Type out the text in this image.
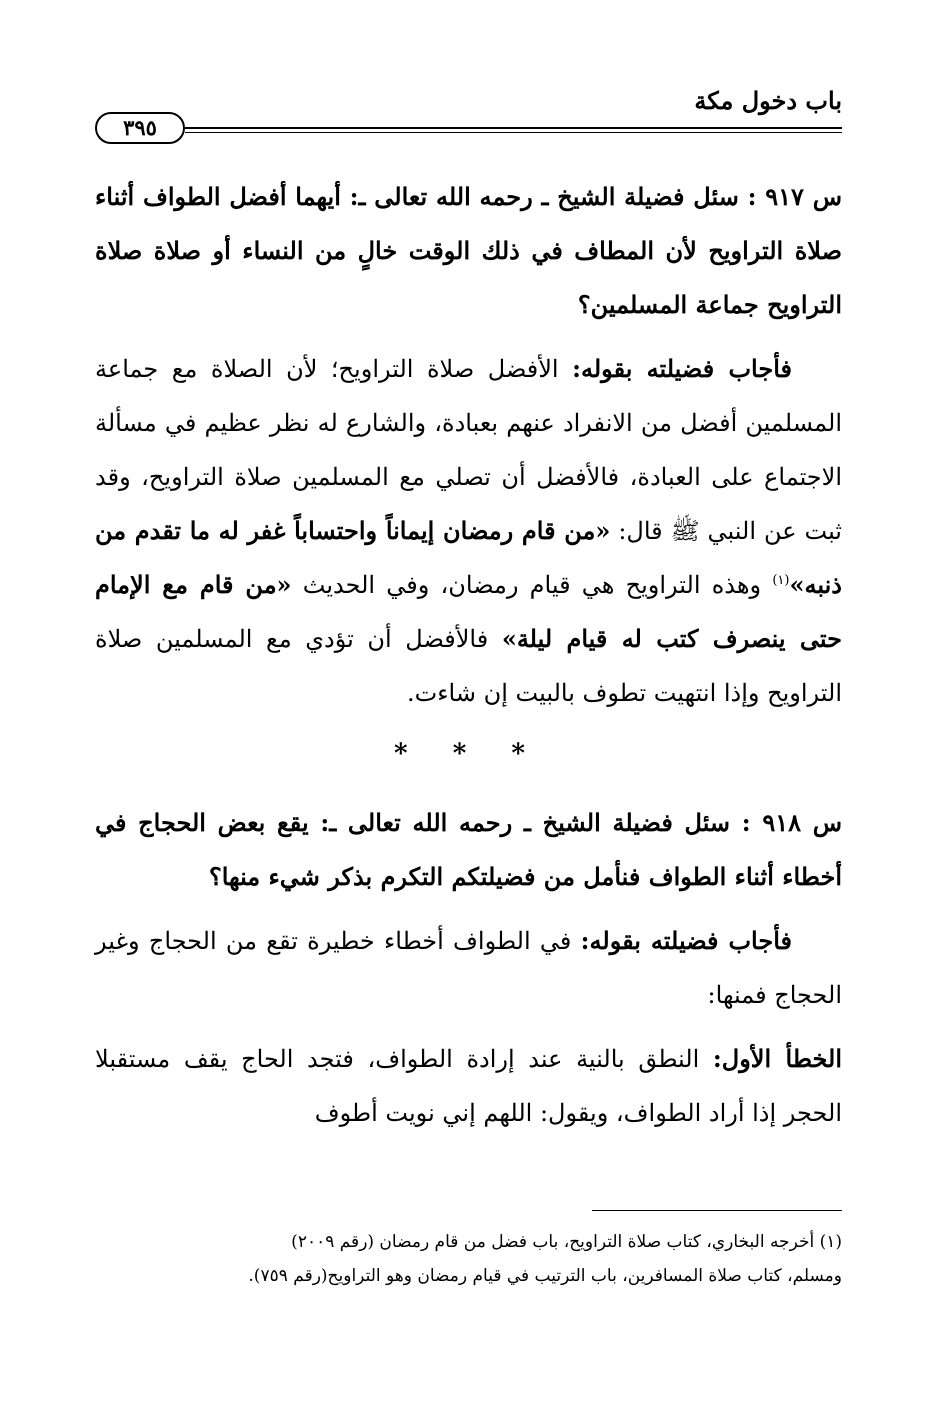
باب دخول مكة
٣٩٥

س ٩١٧ : سئل فضيلة الشيخ ـ رحمه الله تعالى ـ: أيهما أفضل الطواف أثناء صلاة التراويح لأن المطاف في ذلك الوقت خالٍ من النساء أو صلاة صلاة التراويح جماعة المسلمين؟

فأجاب فضيلته بقوله: الأفضل صلاة التراويح؛ لأن الصلاة مع جماعة المسلمين أفضل من الانفراد عنهم بعبادة، والشارع له نظر عظيم في مسألة الاجتماع على العبادة، فالأفضل أن تصلي مع المسلمين صلاة التراويح، وقد ثبت عن النبي ﷺ قال: «من قام رمضان إيماناً واحتساباً غفر له ما تقدم من ذنبه»$^{(١)}$ وهذه التراويح هي قيام رمضان، وفي الحديث «من قام مع الإمام حتى ينصرف كتب له قيام ليلة» فالأفضل أن تؤدي مع المسلمين صلاة التراويح وإذا انتهيت تطوف بالبيت إن شاءت.

* * *

س ٩١٨ : سئل فضيلة الشيخ ـ رحمه الله تعالى ـ: يقع بعض الحجاج في أخطاء أثناء الطواف فنأمل من فضيلتكم التكرم بذكر شيء منها؟

فأجاب فضيلته بقوله: في الطواف أخطاء خطيرة تقع من الحجاج وغير الحجاج فمنها:

الخطأ الأول: النطق بالنية عند إرادة الطواف، فتجد الحاج يقف مستقبلا الحجر إذا أراد الطواف، ويقول: اللهم إني نويت أطوف

(١) أخرجه البخاري، كتاب صلاة التراويح، باب فضل من قام رمضان (رقم ٢٠٠٩)
ومسلم، كتاب صلاة المسافرين، باب الترتيب في قيام رمضان وهو التراويح(رقم ٧٥٩).
